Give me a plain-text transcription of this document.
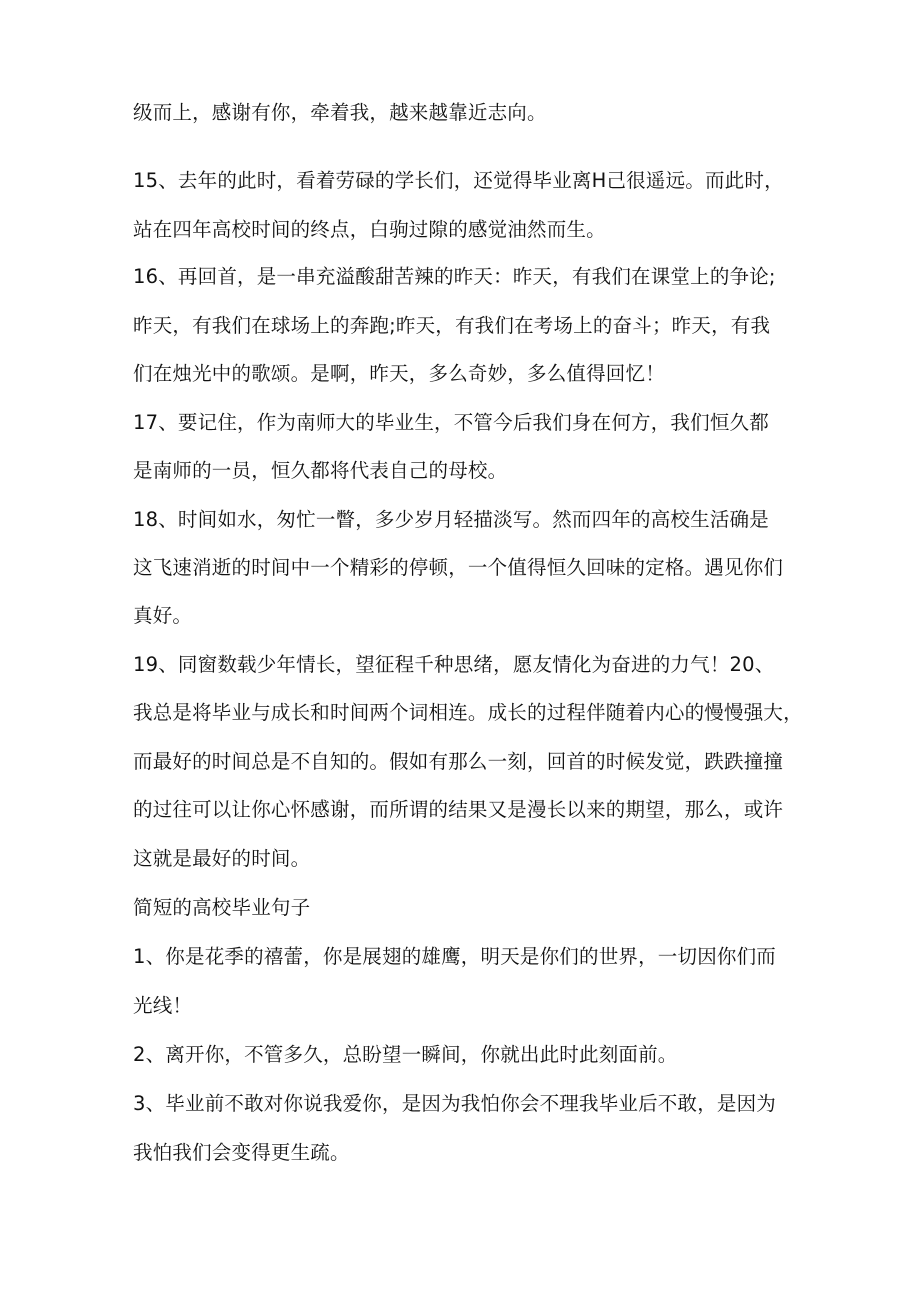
级而上，感谢有你，牵着我，越来越靠近志向。
15、去年的此时，看着劳碌的学长们，还觉得毕业离H己很遥远。而此时，
站在四年高校时间的终点，白驹过隙的感觉油然而生。
16、再回首，是一串充溢酸甜苦辣的昨天：昨天，有我们在课堂上的争论;
昨天，有我们在球场上的奔跑;昨天，有我们在考场上的奋斗；昨天，有我
们在烛光中的歌颂。是啊，昨天，多么奇妙，多么值得回忆！
17、要记住，作为南师大的毕业生，不管今后我们身在何方，我们恒久都
是南师的一员，恒久都将代表自己的母校。
18、时间如水，匆忙一瞥，多少岁月轻描淡写。然而四年的高校生活确是
这飞速消逝的时间中一个精彩的停顿，一个值得恒久回味的定格。遇见你们
真好。
19、同窗数载少年情长，望征程千种思绪，愿友情化为奋进的力气！20、
我总是将毕业与成长和时间两个词相连。成长的过程伴随着内心的慢慢强大，
而最好的时间总是不自知的。假如有那么一刻，回首的时候发觉，跌跌撞撞
的过往可以让你心怀感谢，而所谓的结果又是漫长以来的期望，那么，或许
这就是最好的时间。
简短的高校毕业句子
1、你是花季的禧蕾，你是展翅的雄鹰，明天是你们的世界，一切因你们而
光线！
2、离开你，不管多久，总盼望一瞬间，你就出此时此刻面前。
3、毕业前不敢对你说我爱你，是因为我怕你会不理我毕业后不敢，是因为
我怕我们会变得更生疏。
